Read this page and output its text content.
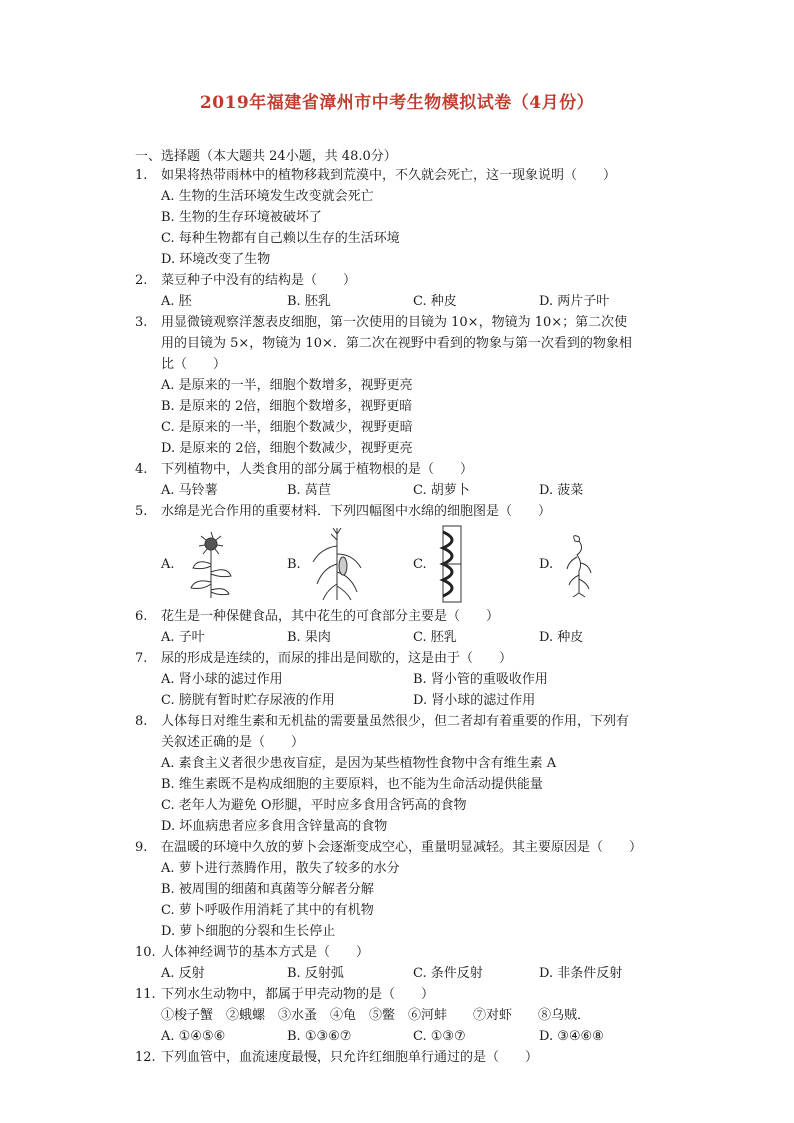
2019年福建省漳州市中考生物模拟试卷（4月份）
一、选择题（本大题共 24小题，共 48.0分）
1.	如果将热带雨林中的植物移栽到荒漠中，不久就会死亡，这一现象说明（　　）
A. 生物的生活环境发生改变就会死亡
B. 生物的生存环境被破坏了
C. 每种生物都有自己赖以生存的生活环境
D. 环境改变了生物
2.	菜豆种子中没有的结构是（　　）
A. 胚	B. 胚乳	C. 种皮	D. 两片子叶
3.	用显微镜观察洋葱表皮细胞，第一次使用的目镜为 10×，物镜为 10×；第二次使
用的目镜为 5×，物镜为 10×．第二次在视野中看到的物象与第一次看到的物象相
比（　　）
A. 是原来的一半，细胞个数增多，视野更亮
B. 是原来的 2倍，细胞个数增多，视野更暗
C. 是原来的一半，细胞个数减少，视野更暗
D. 是原来的 2倍，细胞个数减少，视野更亮
4.	下列植物中，人类食用的部分属于植物根的是（　　）
A. 马铃薯	B. 莴苣	C. 胡萝卜	D. 菠菜
5.	水绵是光合作用的重要材料．下列四幅图中水绵的细胞图是（　　）
A.	B.	C.	D.
6.	花生是一种保健食品，其中花生的可食部分主要是（　　）
A. 子叶	B. 果肉	C. 胚乳	D. 种皮
7.	尿的形成是连续的，而尿的排出是间歇的，这是由于（　　）
A. 肾小球的滤过作用	B. 肾小管的重吸收作用
C. 膀胱有暂时贮存尿液的作用	D. 肾小球的滤过作用
8.	人体每日对维生素和无机盐的需要量虽然很少，但二者却有着重要的作用，下列有
关叙述正确的是（　　）
A. 素食主义者很少患夜盲症，是因为某些植物性食物中含有维生素 A
B. 维生素既不是构成细胞的主要原料，也不能为生命活动提供能量
C. 老年人为避免 O形腿，平时应多食用含钙高的食物
D. 坏血病患者应多食用含锌量高的食物
9.	在温暖的环境中久放的萝卜会逐渐变成空心，重量明显减轻。其主要原因是（　　）
A. 萝卜进行蒸腾作用，散失了较多的水分
B. 被周围的细菌和真菌等分解者分解
C. 萝卜呼吸作用消耗了其中的有机物
D. 萝卜细胞的分裂和生长停止
10. 人体神经调节的基本方式是（　　）
A. 反射	B. 反射弧	C. 条件反射	D. 非条件反射
11. 下列水生动物中，都属于甲壳动物的是（　　）
①梭子蟹　②蛾螺　③水蚤　④龟　⑤鳖　⑥河蚌　　⑦对虾　　⑧乌贼．
A. ①④⑤⑥	B. ①③⑥⑦	C. ①③⑦	D. ③④⑥⑧
12. 下列血管中，血流速度最慢，只允许红细胞单行通过的是（　　）
